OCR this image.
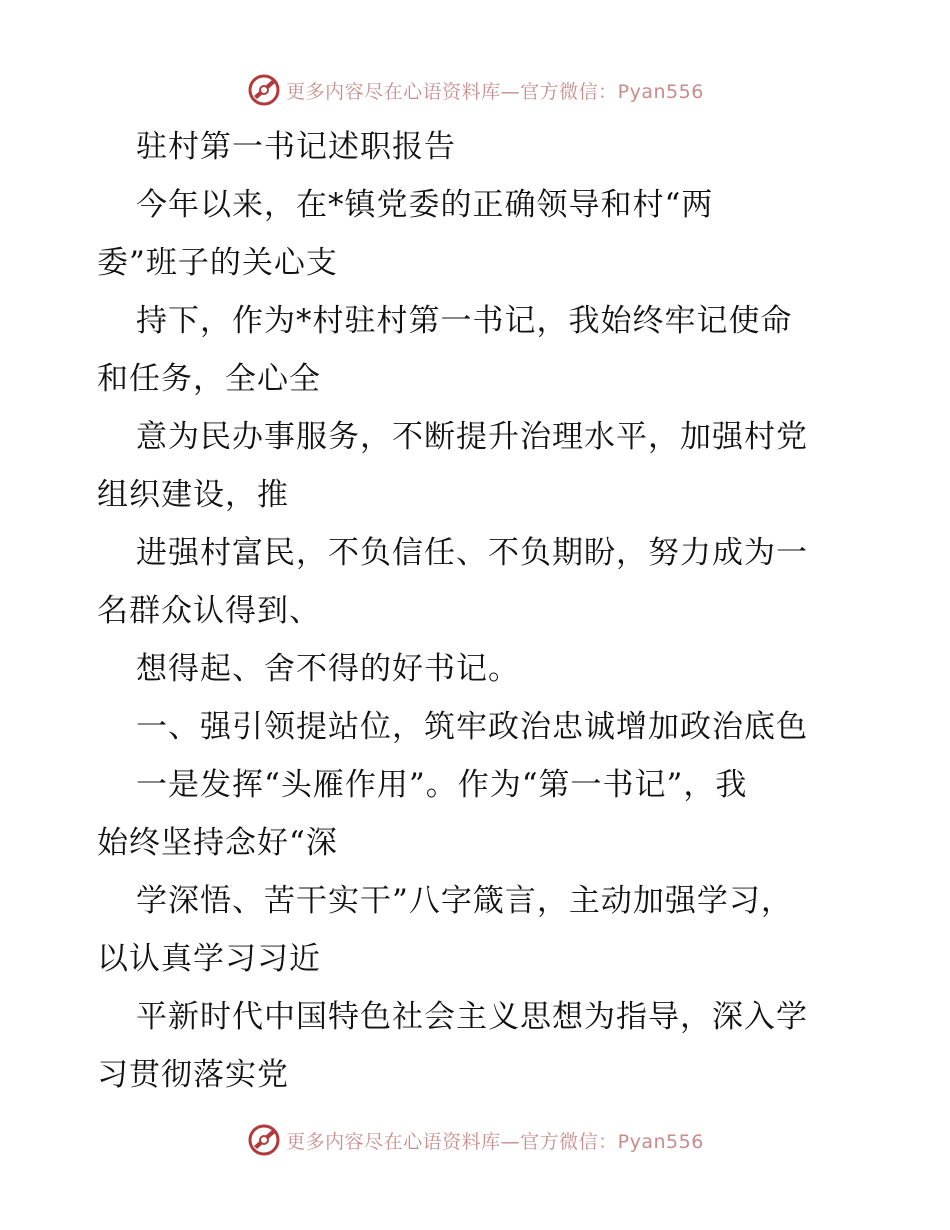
更多内容尽在心语资料库—官方微信：Pyan556
驻村第一书记述职报告
今年以来，在*镇党委的正确领导和村“两
委”班子的关心支
持下，作为*村驻村第一书记，我始终牢记使命
和任务，全心全
意为民办事服务，不断提升治理水平，加强村党
组织建设，推
进强村富民，不负信任、不负期盼，努力成为一
名群众认得到、
想得起、舍不得的好书记。
一、强引领提站位，筑牢政治忠诚增加政治底色
一是发挥“头雁作用”。作为“第一书记”，我
始终坚持念好“深
学深悟、苦干实干”八字箴言，主动加强学习，
以认真学习习近
平新时代中国特色社会主义思想为指导，深入学
习贯彻落实党
更多内容尽在心语资料库—官方微信：Pyan556
